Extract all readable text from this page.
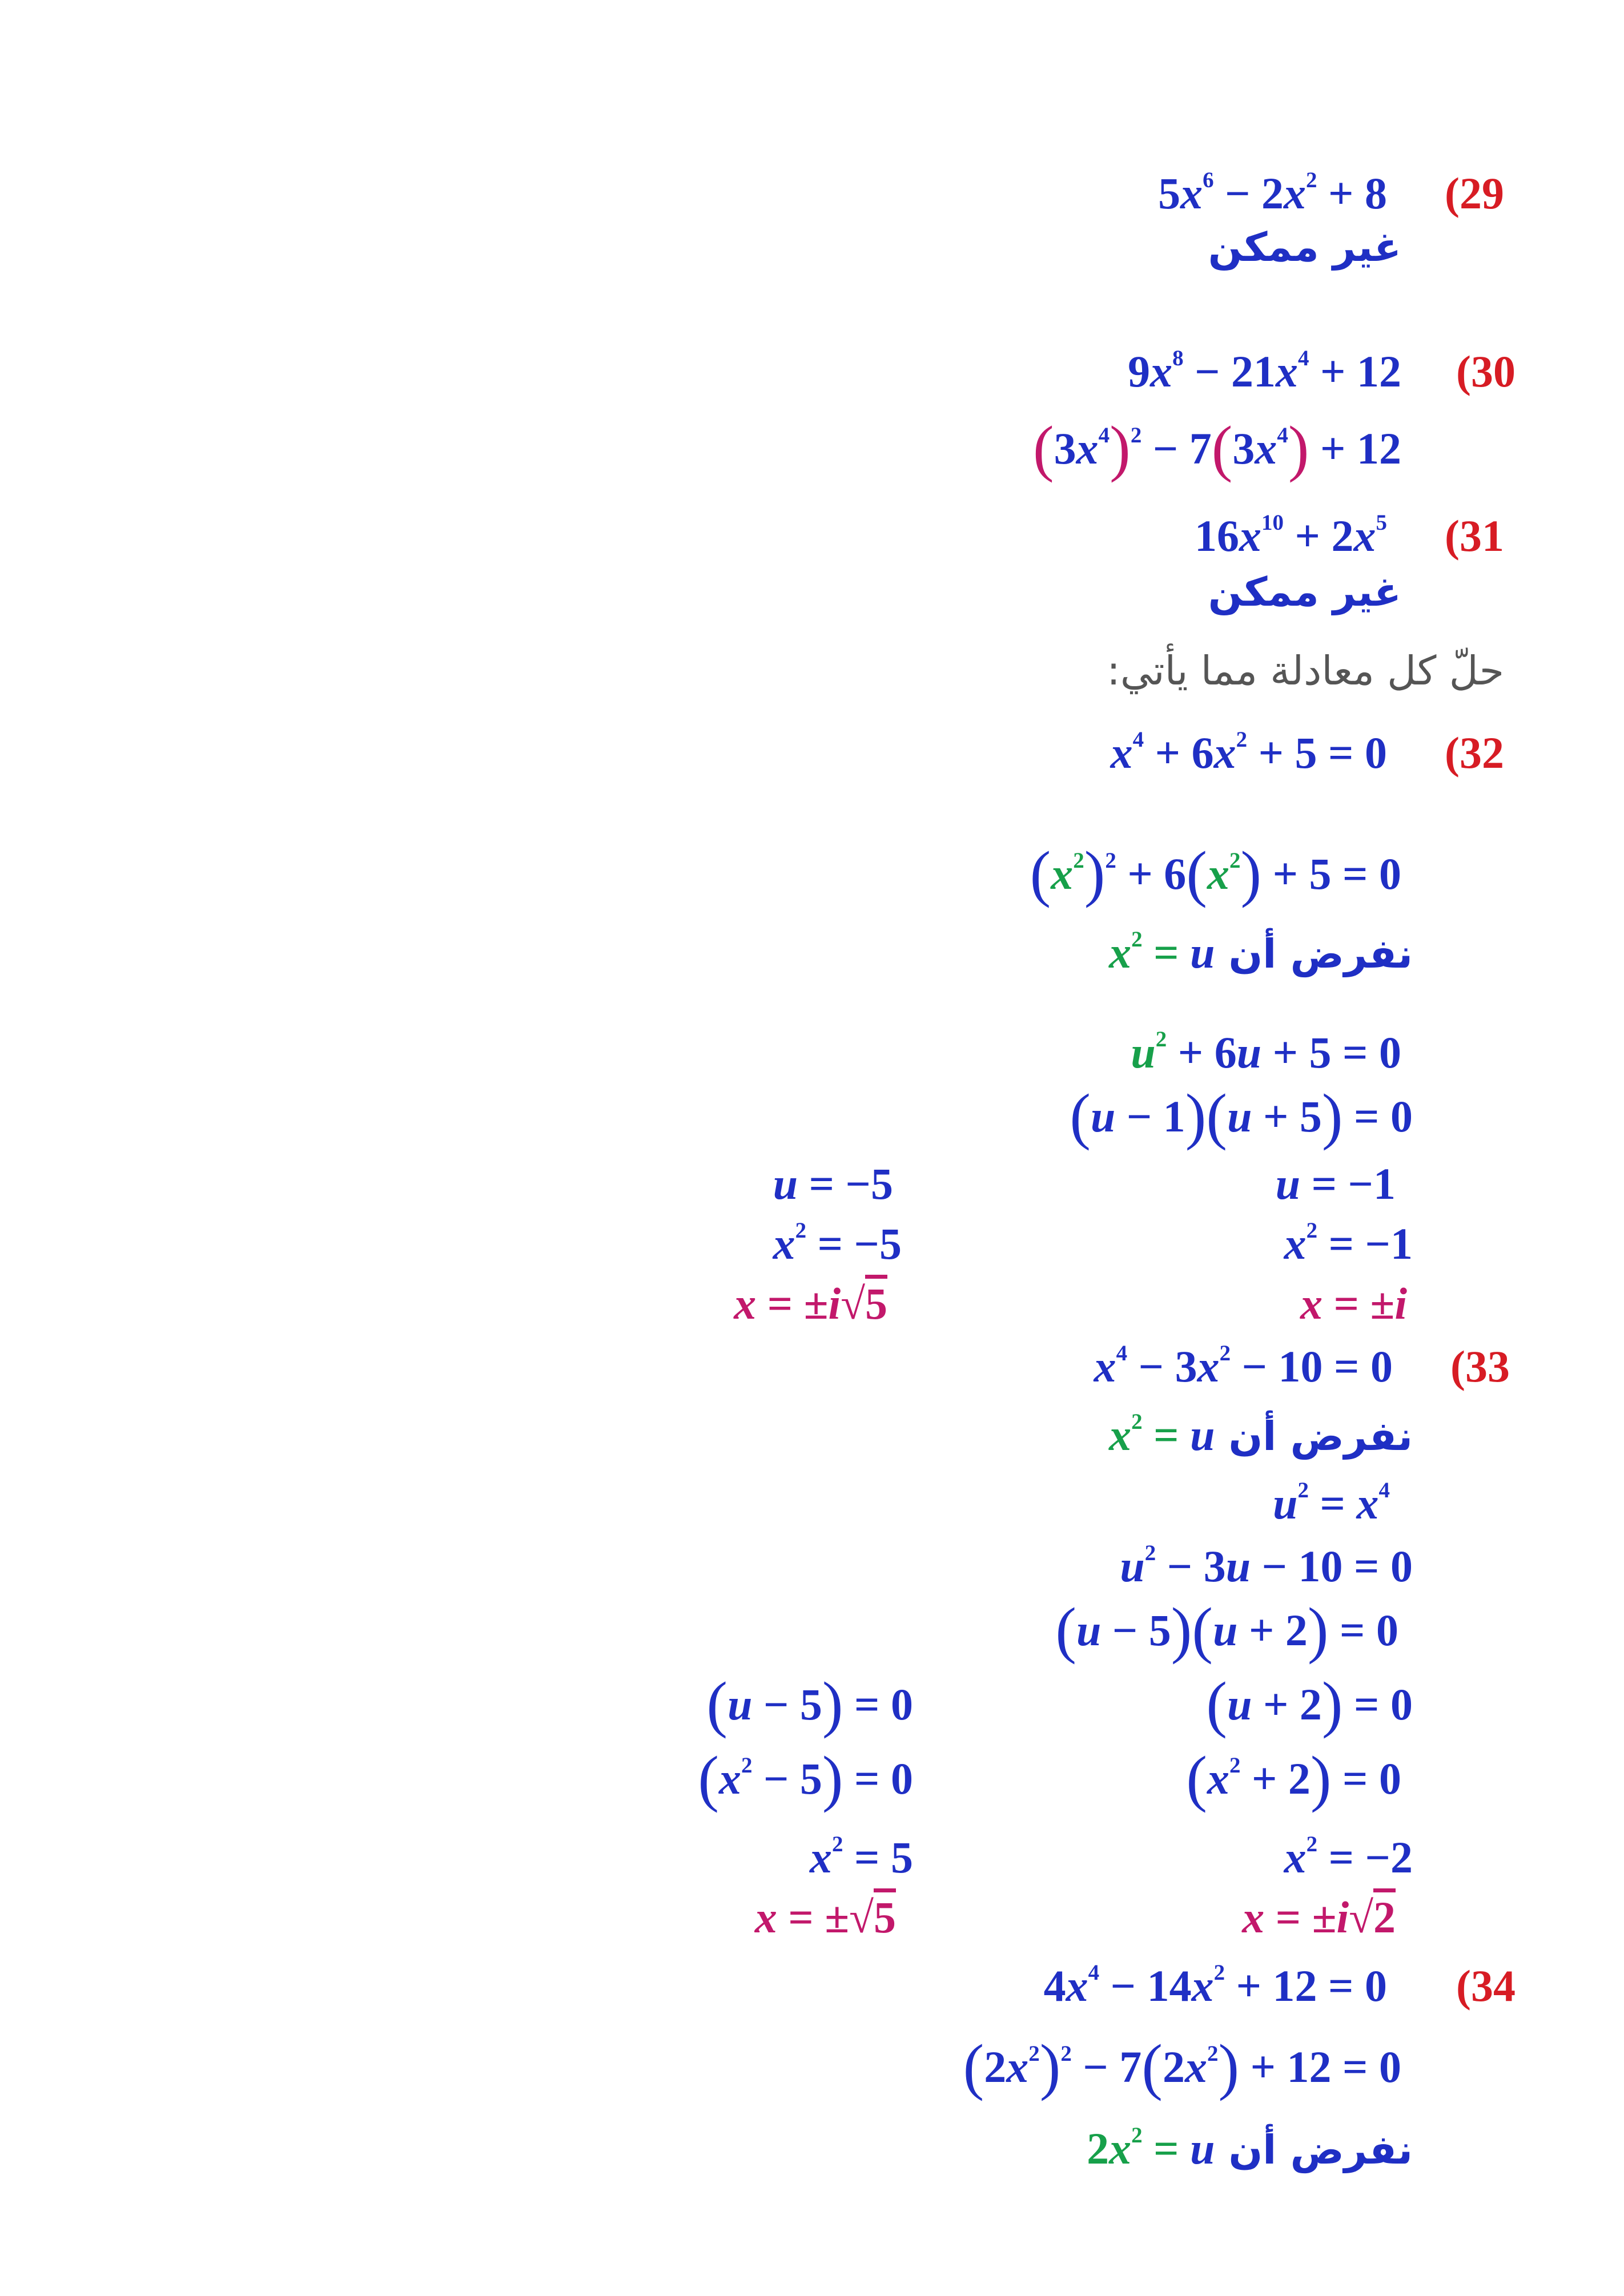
(29
$5x^6 - 2x^2 + 8$
غير ممكن
(30
$9x^8 - 21x^4 + 12$
$(3x^4)^2 - 7(3x^4) + 12$
(31
$16x^{10} + 2x^5$
غير ممكن
حلّ كل معادلة مما يأتي:
(32
$x^4 + 6x^2 + 5 = 0$
$(x^2)^2 + 6(x^2) + 5 = 0$
$x^2 = u$ نفرض أن
$u^2 + 6u + 5 = 0$
(u − 1)(u + 5) = 0
u = −1
$x^2 = -1$
x = ±i
u = −5
$x^2 = -5$
x = ±i√5
(33
$x^4 - 3x^2 - 10 = 0$
$x^2 = u$ نفرض أن
$u^2 = x^4$
$u^2 - 3u - 10 = 0$
(u − 5)(u + 2) = 0
(u + 2) = 0
$(x^2 + 2) = 0$
$x^2 = -2$
x = ±i√2
(u − 5) = 0
$(x^2 - 5) = 0$
$x^2 = 5$
x = ±√5
(34
$4x^4 - 14x^2 + 12 = 0$
$(2x^2)^2 - 7(2x^2) + 12 = 0$
$2x^2 = u$ نفرض أن
